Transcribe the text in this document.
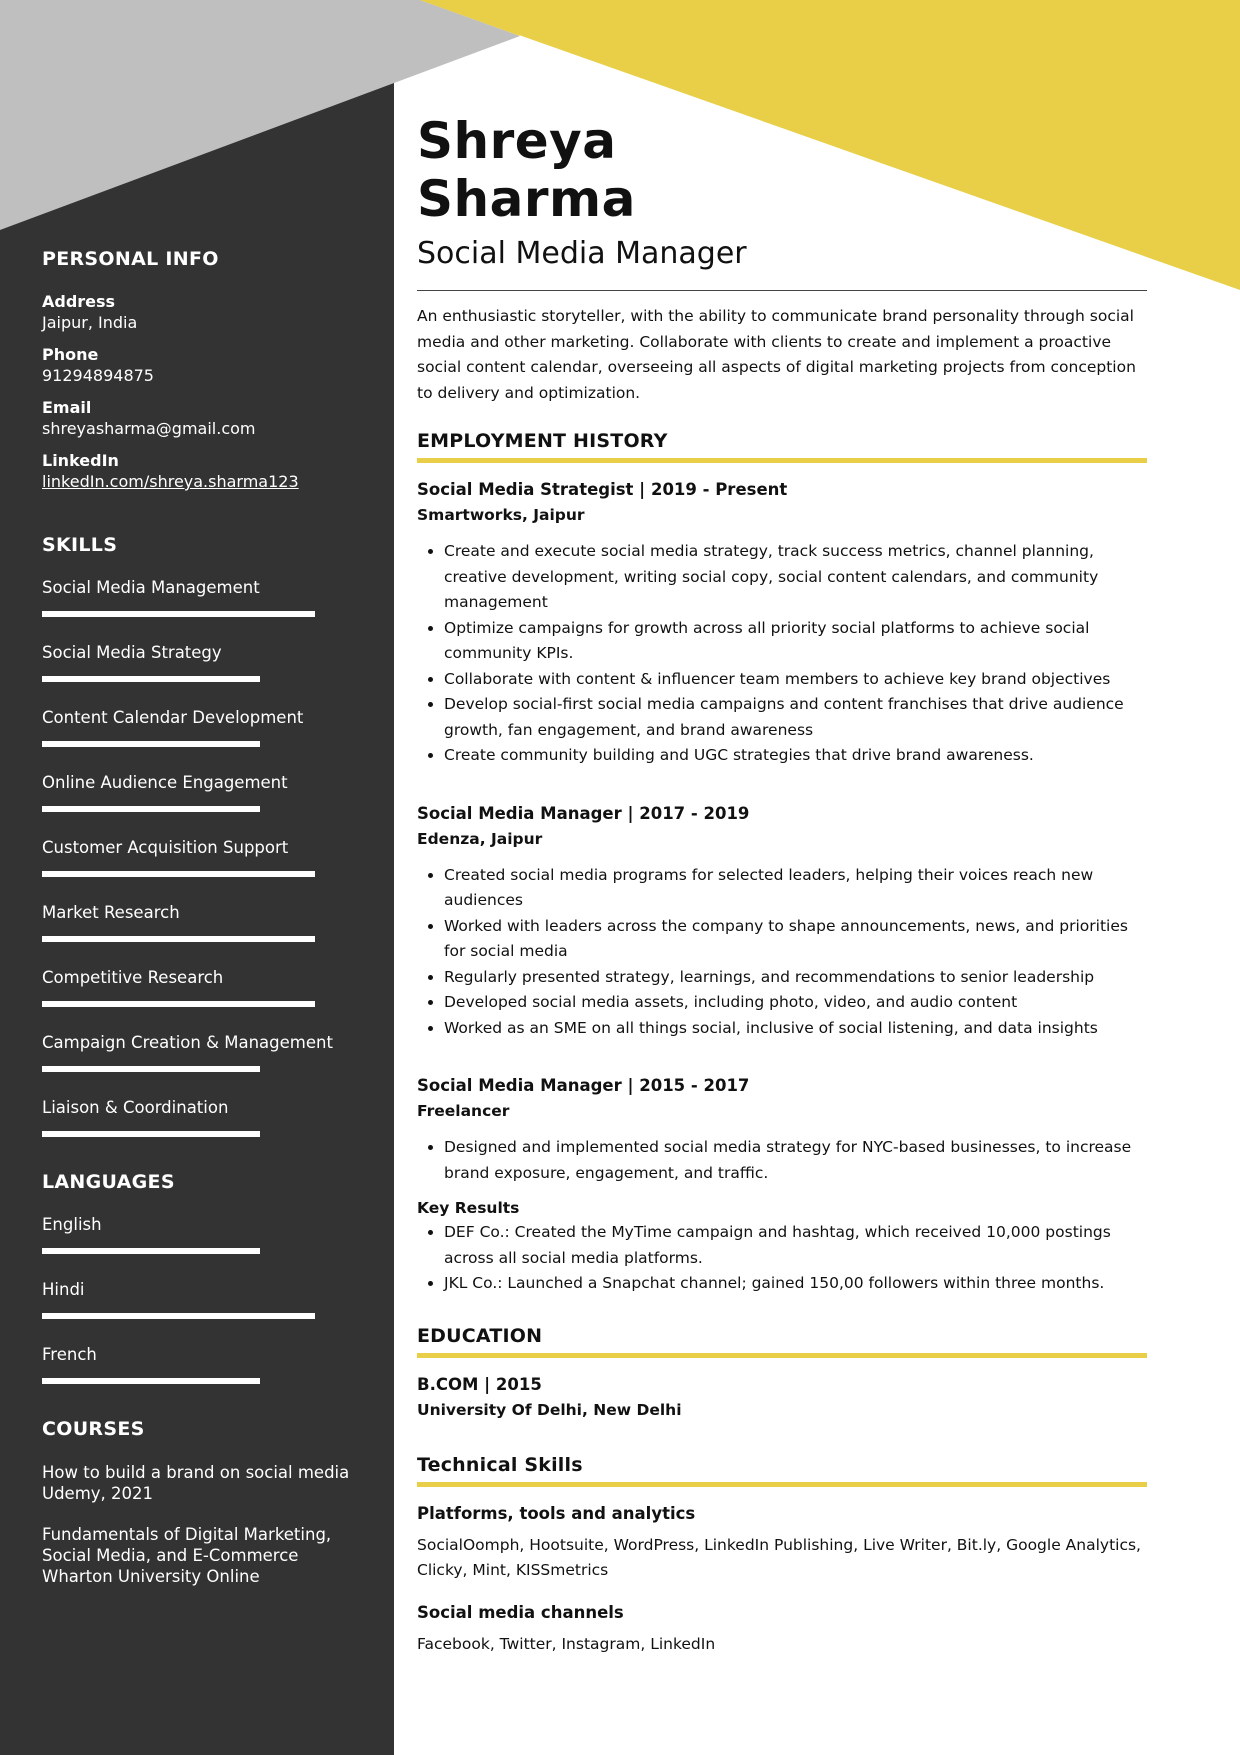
PERSONAL INFO
Address
Jaipur, India
Phone
91294894875
Email
shreyasharma@gmail.com
LinkedIn
linkedIn.com/shreya.sharma123
SKILLS
Social Media Management
Social Media Strategy
Content Calendar Development
Online Audience Engagement
Customer Acquisition Support
Market Research
Competitive Research
Campaign Creation & Management
Liaison & Coordination
LANGUAGES
English
Hindi
French
COURSES
How to build a brand on social media
Udemy, 2021
Fundamentals of Digital Marketing, Social Media, and E-Commerce
Wharton University Online
Shreya
Sharma
Social Media Manager
An enthusiastic storyteller, with the ability to communicate brand personality through social media and other marketing. Collaborate with clients to create and implement a proactive social content calendar, overseeing all aspects of digital marketing projects from conception to delivery and optimization.
EMPLOYMENT HISTORY
Social Media Strategist | 2019 - Present
Smartworks, Jaipur
• Create and execute social media strategy, track success metrics, channel planning, creative development, writing social copy, social content calendars, and community management
• Optimize campaigns for growth across all priority social platforms to achieve social community KPIs.
• Collaborate with content & influencer team members to achieve key brand objectives
• Develop social-first social media campaigns and content franchises that drive audience growth, fan engagement, and brand awareness
• Create community building and UGC strategies that drive brand awareness.
Social Media Manager | 2017 - 2019
Edenza, Jaipur
• Created social media programs for selected leaders, helping their voices reach new audiences
• Worked with leaders across the company to shape announcements, news, and priorities for social media
• Regularly presented strategy, learnings, and recommendations to senior leadership
• Developed social media assets, including photo, video, and audio content
• Worked as an SME on all things social, inclusive of social listening, and data insights
Social Media Manager | 2015 - 2017
Freelancer
• Designed and implemented social media strategy for NYC-based businesses, to increase brand exposure, engagement, and traffic.
Key Results
• DEF Co.: Created the MyTime campaign and hashtag, which received 10,000 postings across all social media platforms.
• JKL Co.: Launched a Snapchat channel; gained 150,00 followers within three months.
EDUCATION
B.COM | 2015
University Of Delhi, New Delhi
Technical Skills
Platforms, tools and analytics
SocialOomph, Hootsuite, WordPress, LinkedIn Publishing, Live Writer, Bit.ly, Google Analytics, Clicky, Mint, KISSmetrics
Social media channels
Facebook, Twitter, Instagram, LinkedIn
